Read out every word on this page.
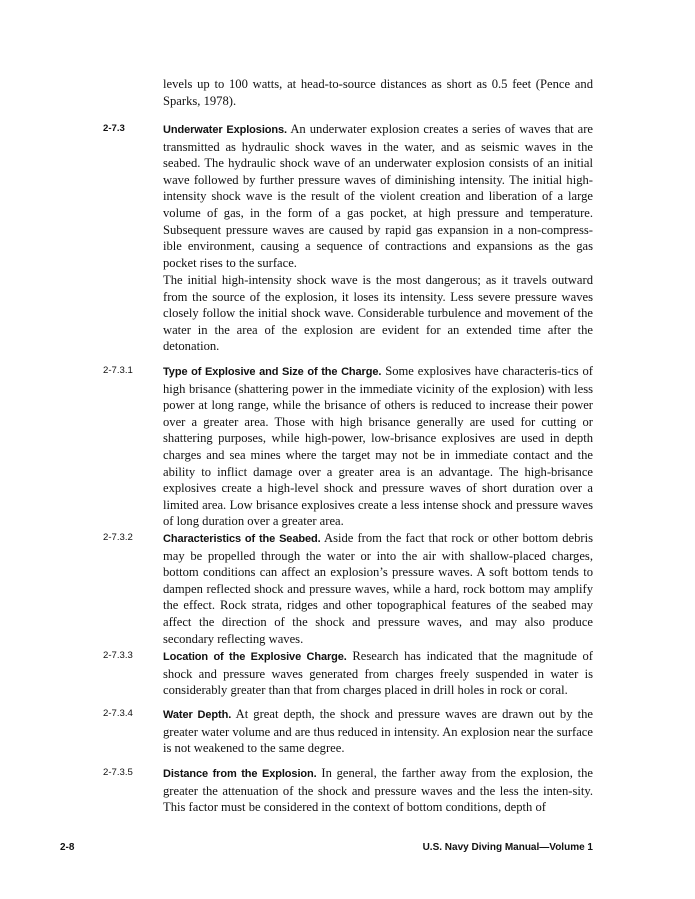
levels up to 100 watts, at head-to-source distances as short as 0.5 feet (Pence and Sparks, 1978).

2-7.3	Underwater Explosions. An underwater explosion creates a series of waves that are transmitted as hydraulic shock waves in the water, and as seismic waves in the seabed. The hydraulic shock wave of an underwater explosion consists of an initial wave followed by further pressure waves of diminishing intensity. The initial high-intensity shock wave is the result of the violent creation and liberation of a large volume of gas, in the form of a gas pocket, at high pressure and temperature. Subsequent pressure waves are caused by rapid gas expansion in a non-compress-ible environment, causing a sequence of contractions and expansions as the gas pocket rises to the surface.

The initial high-intensity shock wave is the most dangerous; as it travels outward from the source of the explosion, it loses its intensity. Less severe pressure waves closely follow the initial shock wave. Considerable turbulence and movement of the water in the area of the explosion are evident for an extended time after the detonation.

2-7.3.1	Type of Explosive and Size of the Charge. Some explosives have characteris-tics of high brisance (shattering power in the immediate vicinity of the explosion) with less power at long range, while the brisance of others is reduced to increase their power over a greater area. Those with high brisance generally are used for cutting or shattering purposes, while high-power, low-brisance explosives are used in depth charges and sea mines where the target may not be in immediate contact and the ability to inflict damage over a greater area is an advantage. The high-brisance explosives create a high-level shock and pressure waves of short duration over a limited area. Low brisance explosives create a less intense shock and pressure waves of long duration over a greater area.

2-7.3.2	Characteristics of the Seabed. Aside from the fact that rock or other bottom debris may be propelled through the water or into the air with shallow-placed charges, bottom conditions can affect an explosion’s pressure waves. A soft bottom tends to dampen reflected shock and pressure waves, while a hard, rock bottom may amplify the effect. Rock strata, ridges and other topographical features of the seabed may affect the direction of the shock and pressure waves, and may also produce secondary reflecting waves.

2-7.3.3	Location of the Explosive Charge. Research has indicated that the magnitude of shock and pressure waves generated from charges freely suspended in water is considerably greater than that from charges placed in drill holes in rock or coral.

2-7.3.4	Water Depth. At great depth, the shock and pressure waves are drawn out by the greater water volume and are thus reduced in intensity. An explosion near the surface is not weakened to the same degree.

2-7.3.5	Distance from the Explosion. In general, the farther away from the explosion, the greater the attenuation of the shock and pressure waves and the less the inten-sity. This factor must be considered in the context of bottom conditions, depth of

2-8	U.S. Navy Diving Manual—Volume 1
